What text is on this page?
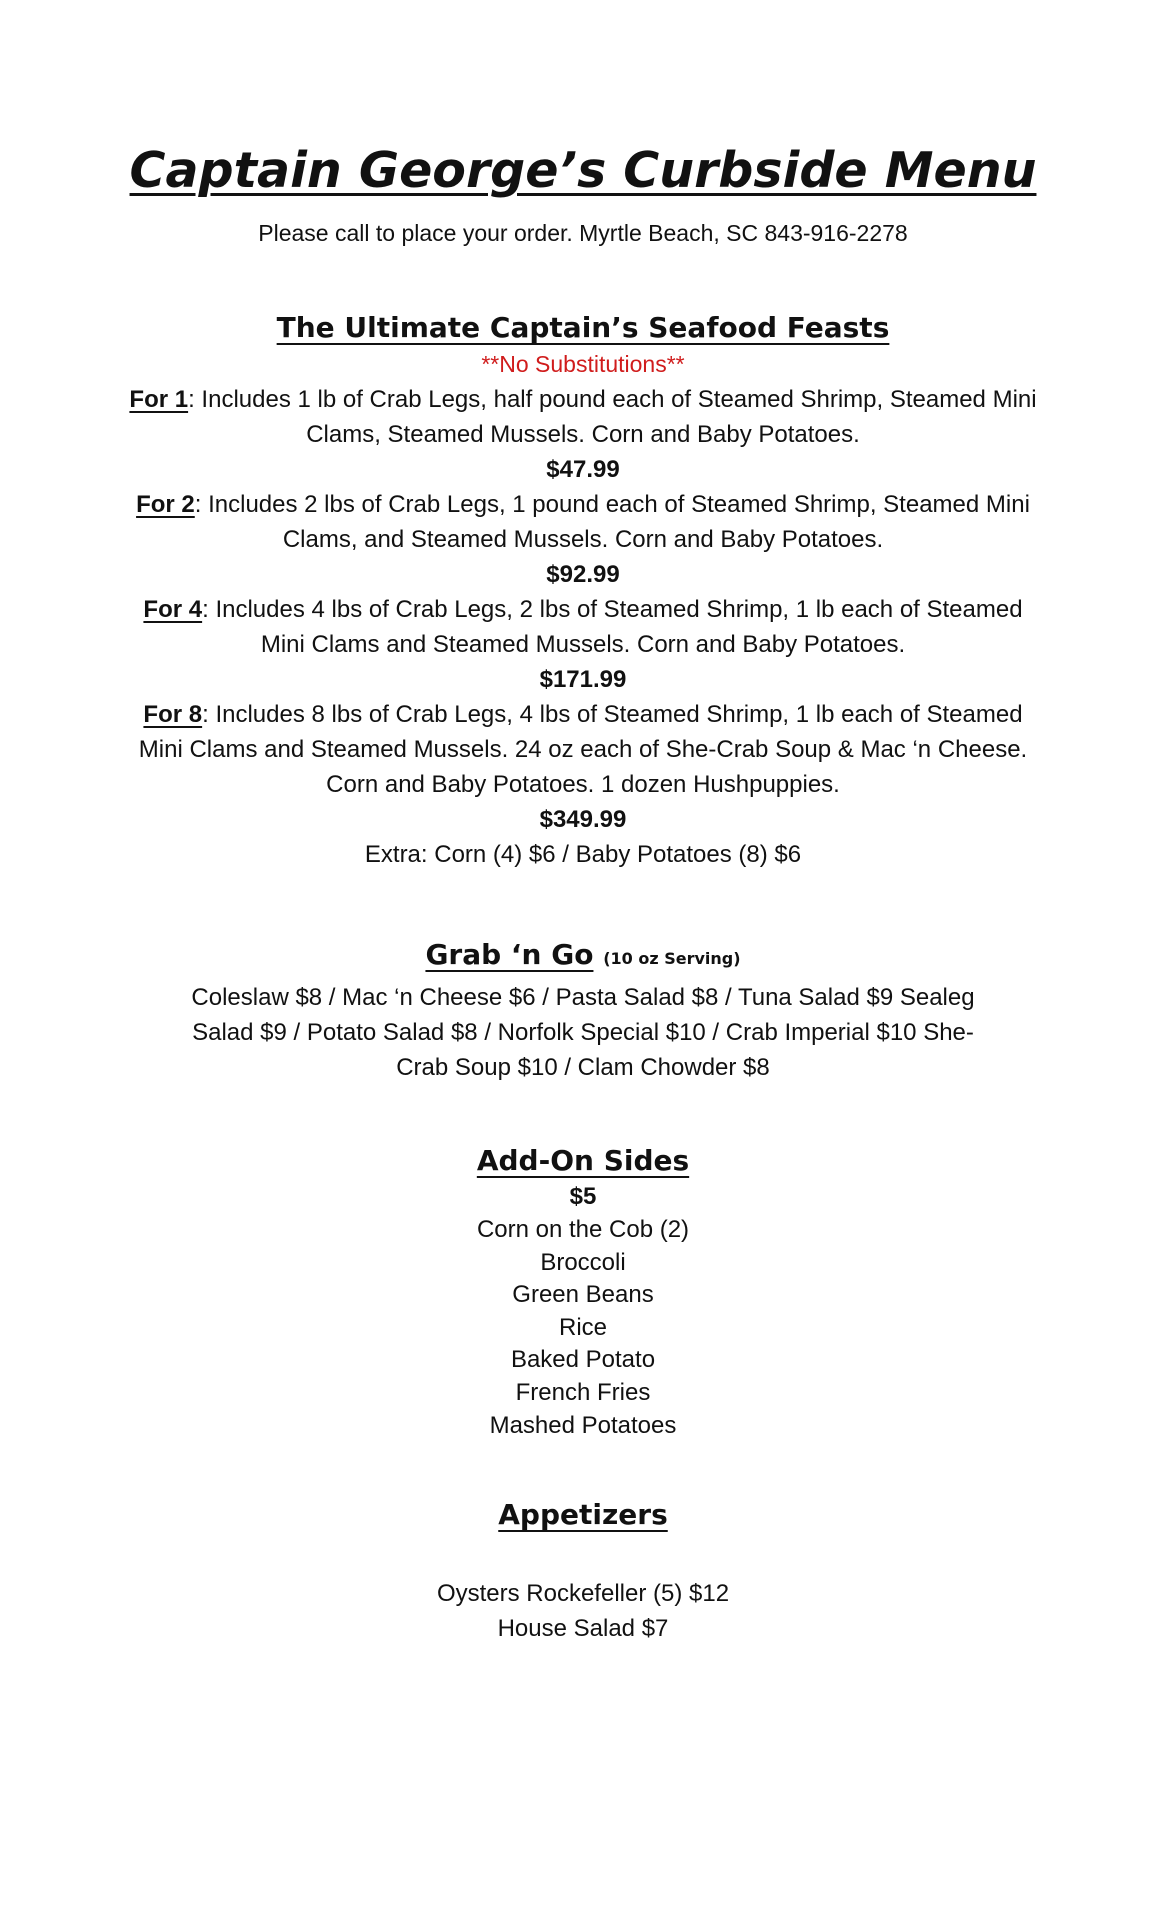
Captain George’s Curbside Menu
Please call to place your order. Myrtle Beach, SC 843-916-2278
The Ultimate Captain’s Seafood Feasts
**No Substitutions**
For 1: Includes 1 lb of Crab Legs, half pound each of Steamed Shrimp, Steamed Mini Clams, Steamed Mussels. Corn and Baby Potatoes.
$47.99
For 2: Includes 2 lbs of Crab Legs, 1 pound each of Steamed Shrimp, Steamed Mini Clams, and Steamed Mussels. Corn and Baby Potatoes.
$92.99
For 4: Includes 4 lbs of Crab Legs, 2 lbs of Steamed Shrimp, 1 lb each of Steamed Mini Clams and Steamed Mussels. Corn and Baby Potatoes.
$171.99
For 8: Includes 8 lbs of Crab Legs, 4 lbs of Steamed Shrimp, 1 lb each of Steamed Mini Clams and Steamed Mussels. 24 oz each of She-Crab Soup & Mac ‘n Cheese. Corn and Baby Potatoes. 1 dozen Hushpuppies.
$349.99
Extra: Corn (4) $6 / Baby Potatoes (8) $6
Grab ‘n Go (10 oz Serving)
Coleslaw $8 / Mac ‘n Cheese $6 / Pasta Salad $8 / Tuna Salad $9 Sealeg Salad $9 / Potato Salad $8 / Norfolk Special $10 / Crab Imperial $10 She-Crab Soup $10 / Clam Chowder $8
Add-On Sides
$5
Corn on the Cob (2)
Broccoli
Green Beans
Rice
Baked Potato
French Fries
Mashed Potatoes
Appetizers
Oysters Rockefeller (5) $12
House Salad $7
